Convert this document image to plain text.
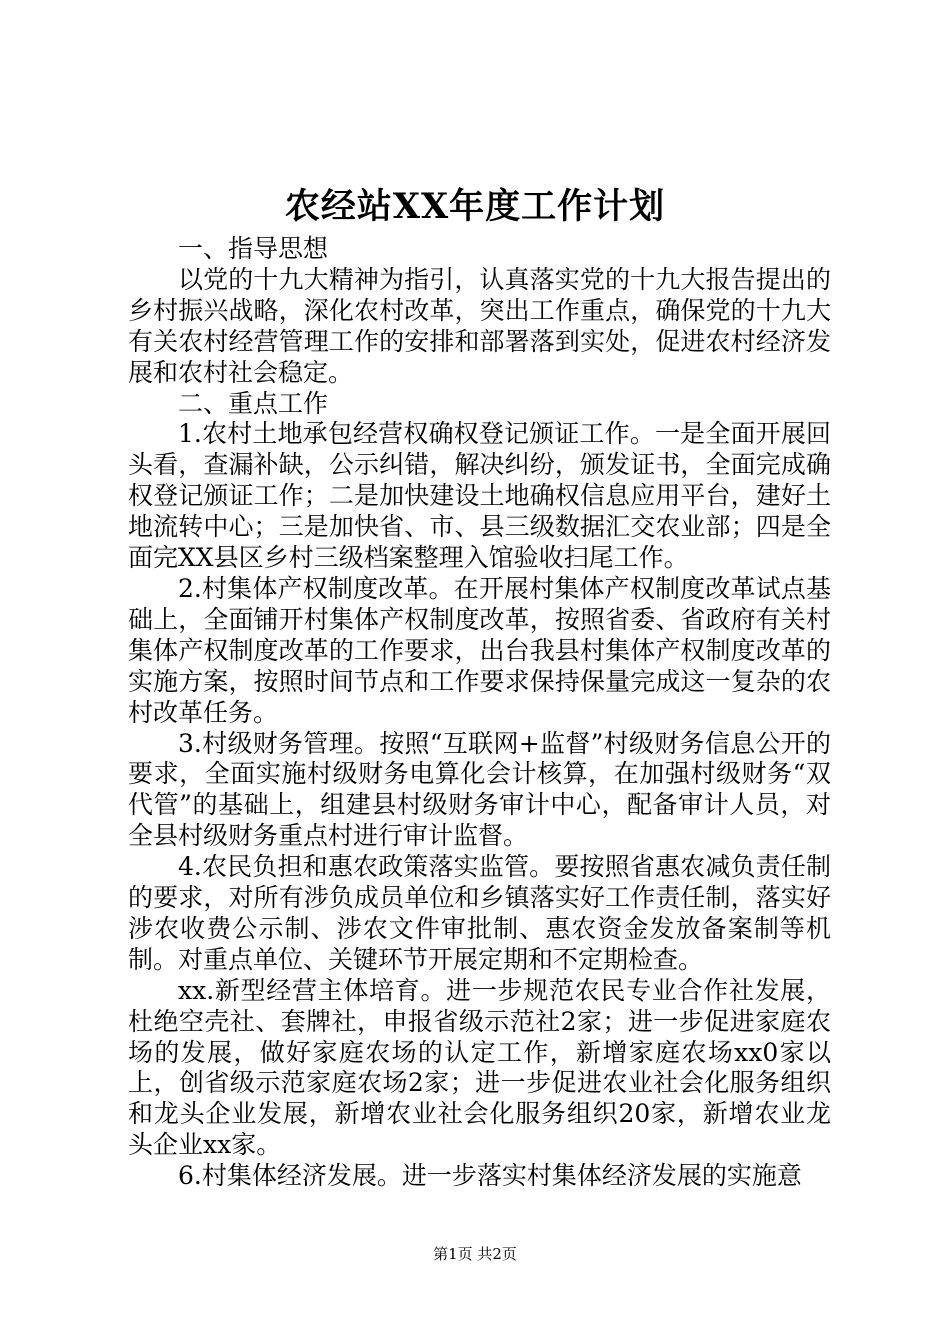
农经站XX年度工作计划

一、指导思想

以党的十九大精神为指引，认真落实党的十九大报告提出的乡村振兴战略，深化农村改革，突出工作重点，确保党的十九大有关农村经营管理工作的安排和部署落到实处，促进农村经济发展和农村社会稳定。

二、重点工作

1.农村土地承包经营权确权登记颁证工作。一是全面开展回头看，查漏补缺，公示纠错，解决纠纷，颁发证书，全面完成确权登记颁证工作；二是加快建设土地确权信息应用平台，建好土地流转中心；三是加快省、市、县三级数据汇交农业部；四是全面完XX县区乡村三级档案整理入馆验收扫尾工作。

2.村集体产权制度改革。在开展村集体产权制度改革试点基础上，全面铺开村集体产权制度改革，按照省委、省政府有关村集体产权制度改革的工作要求，出台我县村集体产权制度改革的实施方案，按照时间节点和工作要求保持保量完成这一复杂的农村改革任务。

3.村级财务管理。按照“互联网+监督”村级财务信息公开的要求，全面实施村级财务电算化会计核算，在加强村级财务“双代管”的基础上，组建县村级财务审计中心，配备审计人员，对全县村级财务重点村进行审计监督。

4.农民负担和惠农政策落实监管。要按照省惠农减负责任制的要求，对所有涉负成员单位和乡镇落实好工作责任制，落实好涉农收费公示制、涉农文件审批制、惠农资金发放备案制等机制。对重点单位、关键环节开展定期和不定期检查。

xx.新型经营主体培育。进一步规范农民专业合作社发展，杜绝空壳社、套牌社，申报省级示范社2家；进一步促进家庭农场的发展，做好家庭农场的认定工作，新增家庭农场xx0家以上，创省级示范家庭农场2家；进一步促进农业社会化服务组织和龙头企业发展，新增农业社会化服务组织20家，新增农业龙头企业xx家。

6.村集体经济发展。进一步落实村集体经济发展的实施意

第1页 共2页
